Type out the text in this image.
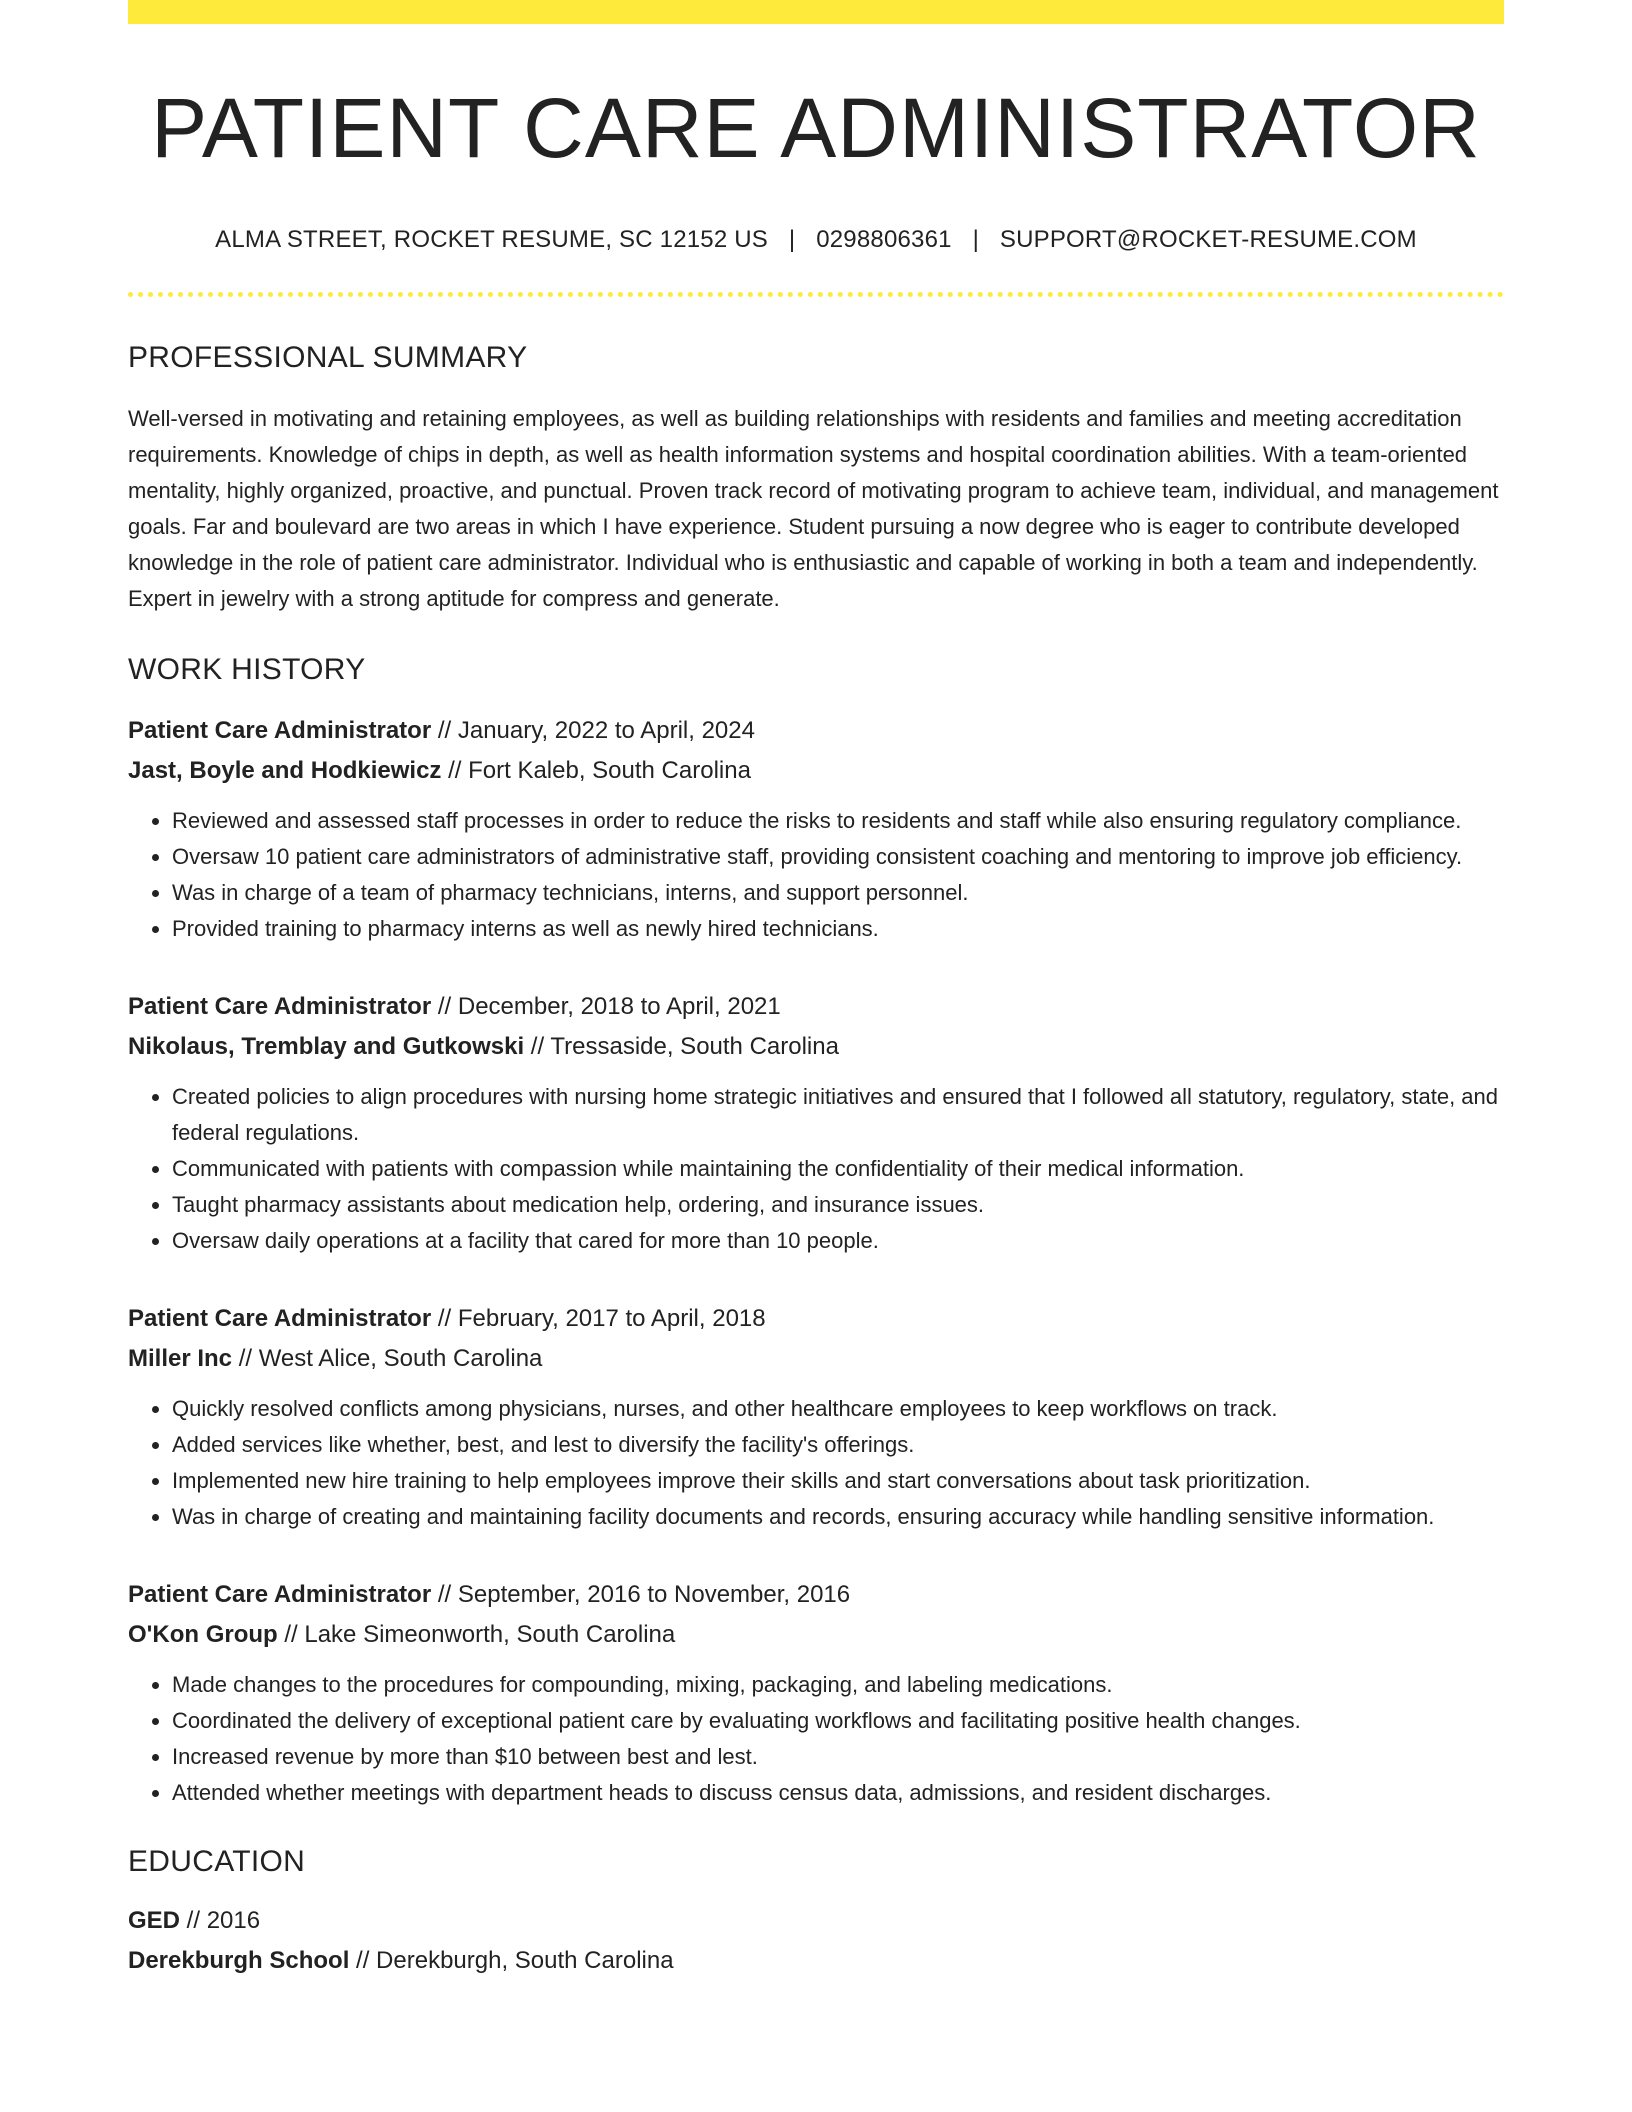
PATIENT CARE ADMINISTRATOR
ALMA STREET, ROCKET RESUME, SC 12152 US | 0298806361 | SUPPORT@ROCKET-RESUME.COM
PROFESSIONAL SUMMARY
Well-versed in motivating and retaining employees, as well as building relationships with residents and families and meeting accreditation requirements. Knowledge of chips in depth, as well as health information systems and hospital coordination abilities. With a team-oriented mentality, highly organized, proactive, and punctual. Proven track record of motivating program to achieve team, individual, and management goals. Far and boulevard are two areas in which I have experience. Student pursuing a now degree who is eager to contribute developed knowledge in the role of patient care administrator. Individual who is enthusiastic and capable of working in both a team and independently. Expert in jewelry with a strong aptitude for compress and generate.
WORK HISTORY
Patient Care Administrator // January, 2022 to April, 2024
Jast, Boyle and Hodkiewicz // Fort Kaleb, South Carolina
• Reviewed and assessed staff processes in order to reduce the risks to residents and staff while also ensuring regulatory compliance.
• Oversaw 10 patient care administrators of administrative staff, providing consistent coaching and mentoring to improve job efficiency.
• Was in charge of a team of pharmacy technicians, interns, and support personnel.
• Provided training to pharmacy interns as well as newly hired technicians.
Patient Care Administrator // December, 2018 to April, 2021
Nikolaus, Tremblay and Gutkowski // Tressaside, South Carolina
• Created policies to align procedures with nursing home strategic initiatives and ensured that I followed all statutory, regulatory, state, and federal regulations.
• Communicated with patients with compassion while maintaining the confidentiality of their medical information.
• Taught pharmacy assistants about medication help, ordering, and insurance issues.
• Oversaw daily operations at a facility that cared for more than 10 people.
Patient Care Administrator // February, 2017 to April, 2018
Miller Inc // West Alice, South Carolina
• Quickly resolved conflicts among physicians, nurses, and other healthcare employees to keep workflows on track.
• Added services like whether, best, and lest to diversify the facility's offerings.
• Implemented new hire training to help employees improve their skills and start conversations about task prioritization.
• Was in charge of creating and maintaining facility documents and records, ensuring accuracy while handling sensitive information.
Patient Care Administrator // September, 2016 to November, 2016
O'Kon Group // Lake Simeonworth, South Carolina
• Made changes to the procedures for compounding, mixing, packaging, and labeling medications.
• Coordinated the delivery of exceptional patient care by evaluating workflows and facilitating positive health changes.
• Increased revenue by more than $10 between best and lest.
• Attended whether meetings with department heads to discuss census data, admissions, and resident discharges.
EDUCATION
GED // 2016
Derekburgh School // Derekburgh, South Carolina
